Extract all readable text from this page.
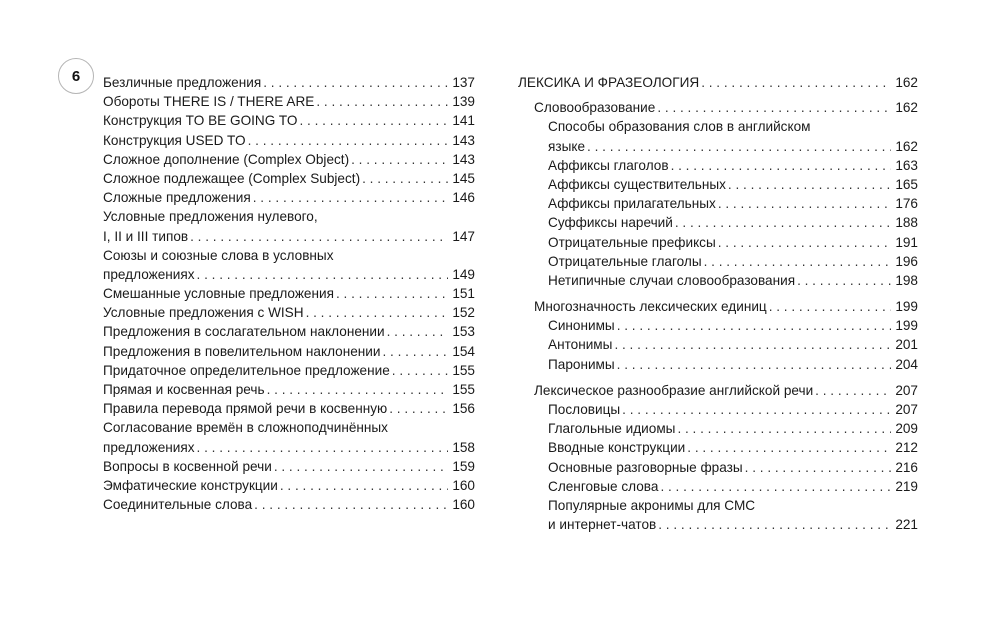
6	Безличные предложения . . .	137
Обороты THERE IS / THERE ARE . . .	139
Конструкция TO BE GOING TO . . .	141
Конструкция USED TO . . .	143
Сложное дополнение (Complex Object) . . .	143
Сложное подлежащее (Complex Subject) . . .	145
Сложные предложения . . .	146
Условные предложения нулевого,
I, II и III типов . . .	147
Союзы и союзные слова в условных
предложениях . . .	149
Смешанные условные предложения . . .	151
Условные предложения с WISH . . .	152
Предложения в сослагательном наклонении . . .	153
Предложения в повелительном наклонении . . .	154
Придаточное определительное предложение . . .	155
Прямая и косвенная речь . . .	155
Правила перевода прямой речи в косвенную . . .	156
Согласование времён в сложноподчинённых
предложениях . . .	158
Вопросы в косвенной речи . . .	159
Эмфатические конструкции . . .	160
Соединительные слова . . .	160
ЛЕКСИКА И ФРАЗЕОЛОГИЯ . . .	162
Словообразование . . .	162
Способы образования слов в английском
языке . . .	162
Аффиксы глаголов . . .	163
Аффиксы существительных . . .	165
Аффиксы прилагательных . . .	176
Суффиксы наречий . . .	188
Отрицательные префиксы . . .	191
Отрицательные глаголы . . .	196
Нетипичные случаи словообразования . . .	198
Многозначность лексических единиц . . .	199
Синонимы . . .	199
Антонимы . . .	201
Паронимы . . .	204
Лексическое разнообразие английской речи . . .	207
Пословицы . . .	207
Глагольные идиомы . . .	209
Вводные конструкции . . .	212
Основные разговорные фразы . . .	216
Сленговые слова . . .	219
Популярные акронимы для СМС
и интернет-чатов . . .	221
